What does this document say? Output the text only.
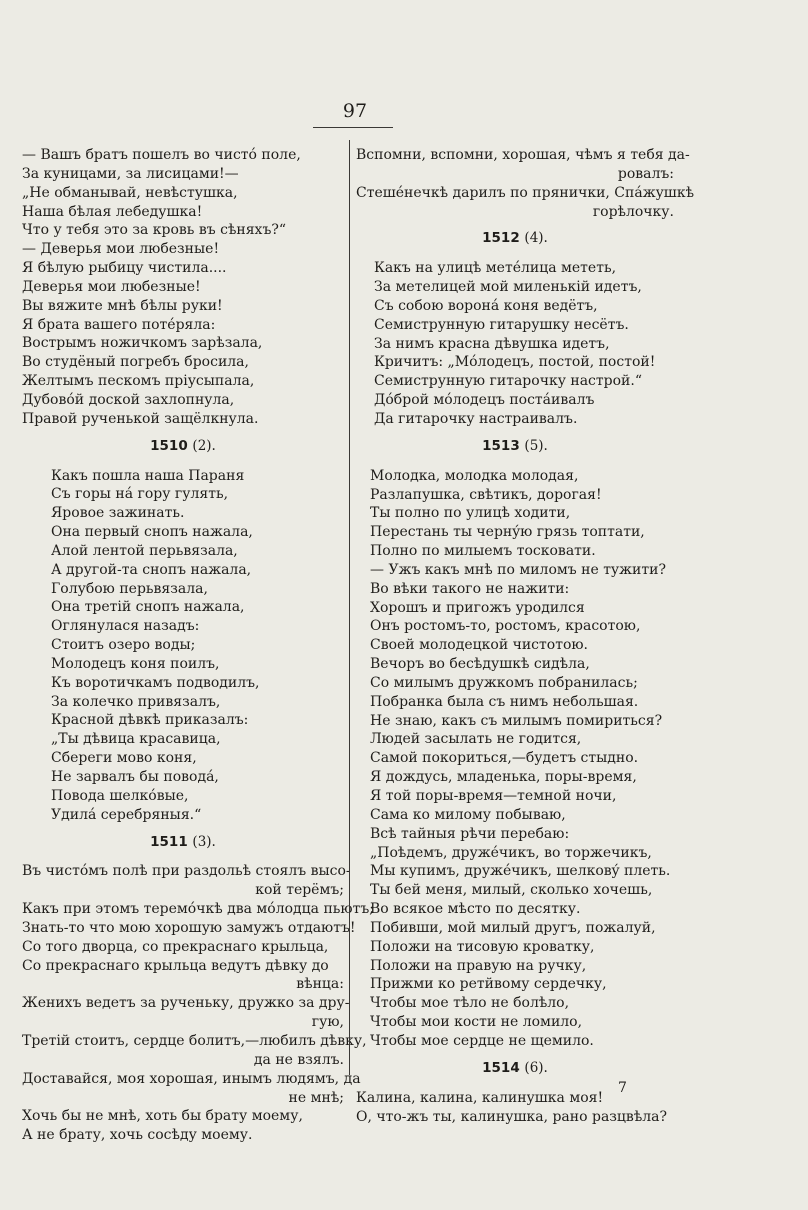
97

— Вашъ братъ пошелъ во чистó поле,

За куницами, за лисицами!—

„Не обманывай, невѣстушка,

Наша бѣлая лебедушка!

Что у тебя это за кровь въ сѣняхъ?“

— Деверья мои любезные!

Я бѣлую рыбицу чистила....

Деверья мои любезные!

Вы вяжите мнѣ бѣлы руки!

Я брата вашего потéряла:

Вострымъ ножичкомъ зарѣзала,

Во студёный погребъ бросила,

Желтымъ пескомъ пріусыпала,

Дубовóй доской захлопнула,

Правой рученькой защёлкнула.

1510 (2).

Какъ пошла наша Параня

Съ горы нá гору гулять,

Яровое зажинать.

Она первый снопъ нажала,

Алой лентой перьвязала,

А другой-та снопъ нажала,

Голубою перьвязала,

Она третій снопъ нажала,

Оглянулася назадъ:

Стоитъ озеро воды;

Молодецъ коня поилъ,

Къ воротичкамъ подводилъ,

За колечко привязалъ,

Красной дѣвкѣ приказалъ:

„Ты дѣвица красавица,

Сбереги мово коня,

Не зарвалъ бы поводá,

Повода шелкóвые,

Удилá серебряныя.“

1511 (3).

Въ чистóмъ полѣ при раздольѣ стоялъ высо-

кой терёмъ;

Какъ при этомъ теремóчкѣ два мóлодца пьютъ;

Знать-то что мою хорошую замужъ отдаютъ!

Со того дворца, со прекраснаго крыльца,

Со прекраснаго крыльца ведутъ дѣвку до

вѣнца:

Женихъ ведетъ за рученьку, дружко за дру-

гую,

Третій стоитъ, сердце болитъ,—любилъ дѣвку,

да не взялъ.

Доставайся, моя хорошая, инымъ людямъ, да

не мнѣ;

Хочь бы не мнѣ, хоть бы брату моему,

А не брату, хочь сосѣду моему.

Вспомни, вспомни, хорошая, чѣмъ я тебя да-

ровалъ:

Стешéнечкѣ дарилъ по прянички, Спáжушкѣ

горѣлочку.

1512 (4).

Какъ на улицѣ метéлица мететь,

За метелицей мой миленькій идетъ,

Съ собою воронá коня ведётъ,

Семиструнную гитарушку несётъ.

За нимъ красна дѣвушка идетъ,

Кричитъ: „Мóлодецъ, постой, постой!

Семиструнную гитарочку настрой.“

Дóброй мóлодецъ постáивалъ

Да гитарочку настраивалъ.

1513 (5).

Молодка, молодка молодая,

Разлапушка, свѣтикъ, дорогая!

Ты полно по улицѣ ходити,

Перестань ты чернýю грязь топтати,

Полно по милыемъ тосковати.

— Ужъ какъ мнѣ по миломъ не тужити?

Во вѣки такого не нажити:

Хорошъ и пригожъ уродился

Онъ ростомъ-то, ростомъ, красотою,

Своей молодецкой чистотою.

Вечоръ во бесѣдушкѣ сидѣла,

Со милымъ дружкомъ побранилась;

Побранка была съ нимъ небольшая.

Не знаю, какъ съ милымъ помириться?

Людей засылать не годится,

Самой покориться,—будетъ стыдно.

Я дождусь, младенька, поры-время,

Я той поры-время—темной ночи,

Сама ко милому побываю,

Всѣ тайныя рѣчи перебаю:

„Поѣдемъ, дружéчикъ, во торжечикъ,

Мы купимъ, дружéчикъ, шелковý плеть.

Ты бей меня, милый, сколько хочешь,

Во всякое мѣсто по десятку.

Побивши, мой милый другъ, пожалуй,

Положи на тисовую кроватку,

Положи на правую на ручку,

Прижми ко ретйвому сердечку,

Чтобы мое тѣло не болѣло,

Чтобы мои кости не ломило,

Чтобы мое сердце не щемило.

1514 (6).

Калина, калина, калинушка моя!

О, что-жъ ты, калинушка, рано разцвѣла?

7
